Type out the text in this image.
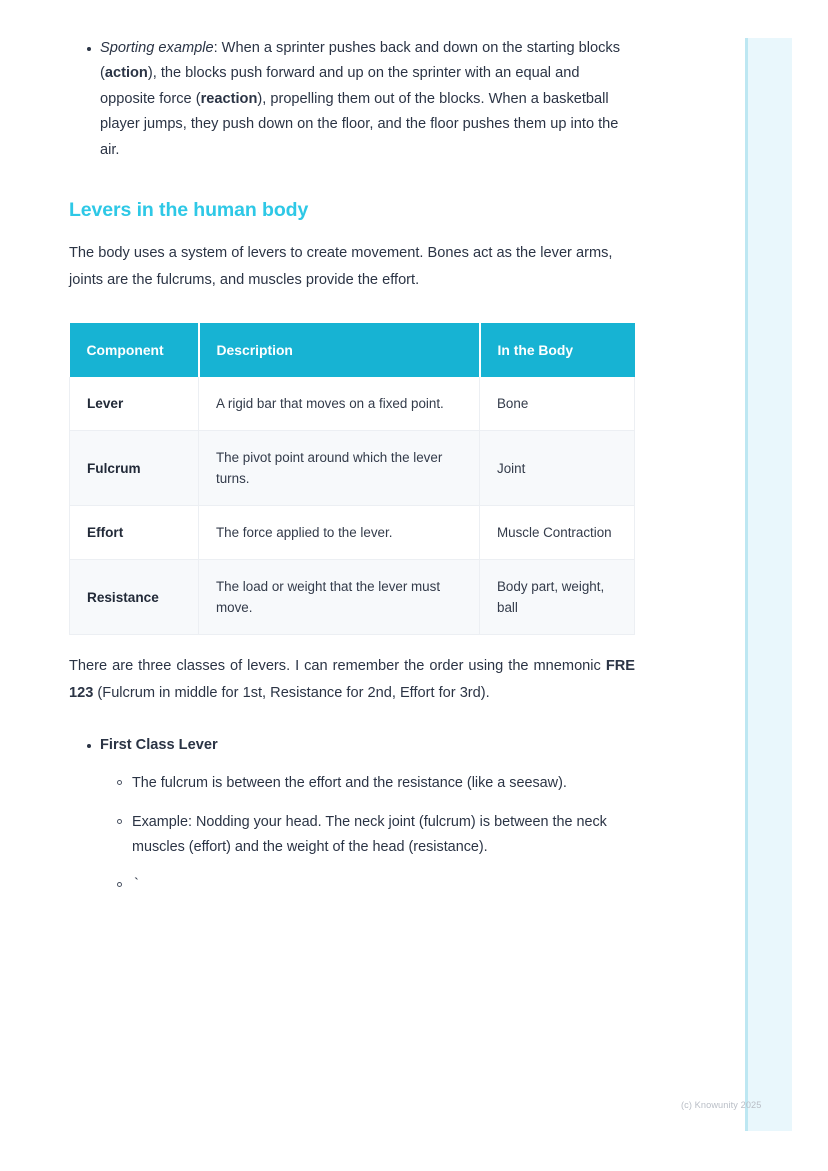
Sporting example: When a sprinter pushes back and down on the starting blocks (action), the blocks push forward and up on the sprinter with an equal and opposite force (reaction), propelling them out of the blocks. When a basketball player jumps, they push down on the floor, and the floor pushes them up into the air.
Levers in the human body

The body uses a system of levers to create movement. Bones act as the lever arms, joints are the fulcrums, and muscles provide the effort.

Component	Description	In the Body
Lever	A rigid bar that moves on a fixed point.	Bone
Fulcrum	The pivot point around which the lever turns.	Joint
Effort	The force applied to the lever.	Muscle Contraction
Resistance	The load or weight that the lever must move.	Body part, weight, ball

There are three classes of levers. I can remember the order using the mnemonic FRE 123 (Fulcrum in middle for 1st, Resistance for 2nd, Effort for 3rd).

First Class Lever
The fulcrum is between the effort and the resistance (like a seesaw).
Example: Nodding your head. The neck joint (fulcrum) is between the neck muscles (effort) and the weight of the head (resistance).
`
(c) Knowunity 2025
